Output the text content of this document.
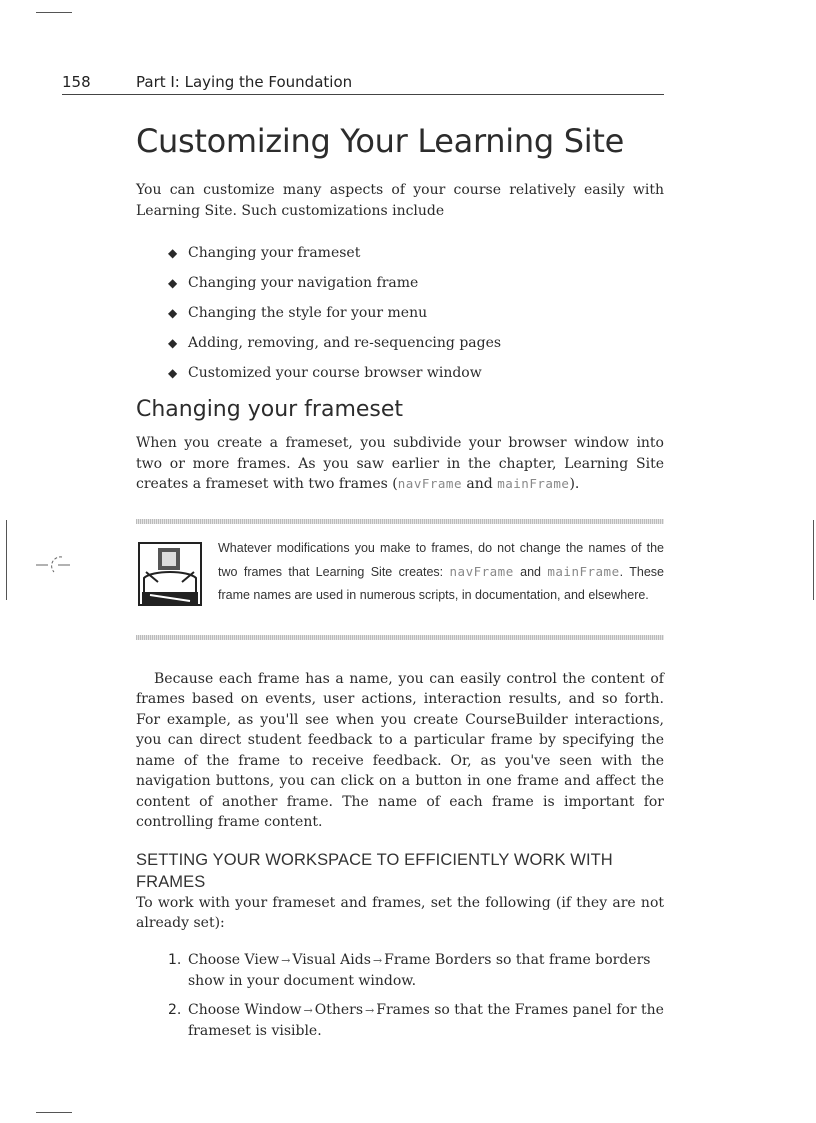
158	Part I: Laying the Foundation
Customizing Your Learning Site

You can customize many aspects of your course relatively easily with Learning Site. Such customizations include

◆ Changing your frameset
◆ Changing your navigation frame
◆ Changing the style for your menu
◆ Adding, removing, and re-sequencing pages
◆ Customized your course browser window
Changing your frameset

When you create a frameset, you subdivide your browser window into two or more frames. As you saw earlier in the chapter, Learning Site creates a frameset with two frames (navFrame and mainFrame).

Whatever modifications you make to frames, do not change the names of the two frames that Learning Site creates: navFrame and mainFrame. These frame names are used in numerous scripts, in documentation, and elsewhere.

Because each frame has a name, you can easily control the content of frames based on events, user actions, interaction results, and so forth. For example, as you'll see when you create CourseBuilder interactions, you can direct student feedback to a particular frame by specifying the name of the frame to receive feedback. Or, as you've seen with the navigation buttons, you can click on a button in one frame and affect the content of another frame. The name of each frame is important for controlling frame content.

SETTING YOUR WORKSPACE TO EFFICIENTLY WORK WITH FRAMES

To work with your frameset and frames, set the following (if they are not already set):

1. Choose View → Visual Aids → Frame Borders so that frame borders show in your document window.
2. Choose Window → Others → Frames so that the Frames panel for the frameset is visible.
